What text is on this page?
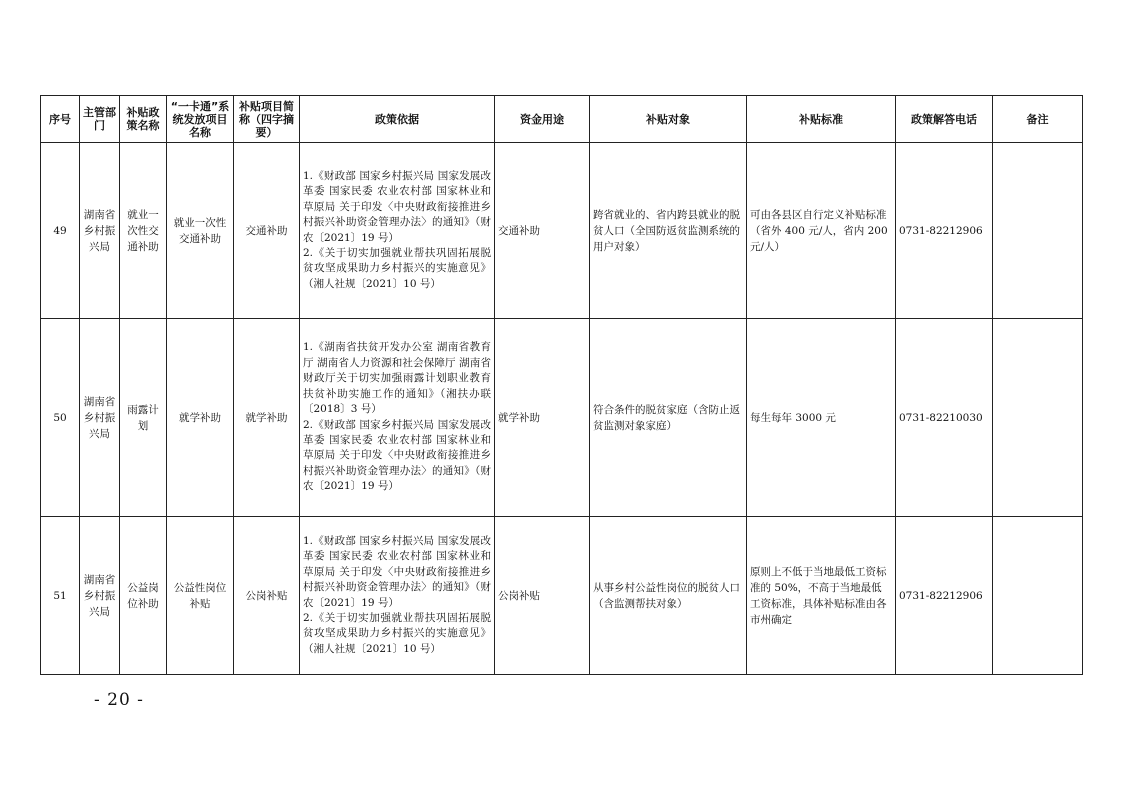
序号	主管部门	补贴政策名称	“一卡通”系统发放项目名称	补贴项目简称（四字摘要）	政策依据	资金用途	补贴对象	补贴标准	政策解答电话	备注
49	湖南省乡村振兴局	就业一次性交通补助	就业一次性交通补助	交通补助	1.《财政部 国家乡村振兴局 国家发展改革委 国家民委 农业农村部 国家林业和草原局 关于印发〈中央财政衔接推进乡村振兴补助资金管理办法〉的通知》（财农〔2021〕19 号）
2.《关于切实加强就业帮扶巩固拓展脱贫攻坚成果助力乡村振兴的实施意见》（湘人社规〔2021〕10 号）	交通补助	跨省就业的、省内跨县就业的脱贫人口（全国防返贫监测系统的用户对象）	可由各县区自行定义补贴标准（省外 400 元/人，省内 200 元/人）	0731-82212906	
50	湖南省乡村振兴局	雨露计划	就学补助	就学补助	1.《湖南省扶贫开发办公室 湖南省教育厅 湖南省人力资源和社会保障厅 湖南省财政厅关于切实加强雨露计划职业教育扶贫补助实施工作的通知》（湘扶办联〔2018〕3 号）
2.《财政部 国家乡村振兴局 国家发展改革委 国家民委 农业农村部 国家林业和草原局 关于印发〈中央财政衔接推进乡村振兴补助资金管理办法〉的通知》（财农〔2021〕19 号）	就学补助	符合条件的脱贫家庭（含防止返贫监测对象家庭）	每生每年 3000 元	0731-82210030	
51	湖南省乡村振兴局	公益岗位补助	公益性岗位补贴	公岗补贴	1.《财政部 国家乡村振兴局 国家发展改革委 国家民委 农业农村部 国家林业和草原局 关于印发〈中央财政衔接推进乡村振兴补助资金管理办法〉的通知》（财农〔2021〕19 号）
2.《关于切实加强就业帮扶巩固拓展脱贫攻坚成果助力乡村振兴的实施意见》（湘人社规〔2021〕10 号）	公岗补贴	从事乡村公益性岗位的脱贫人口（含监测帮扶对象）	原则上不低于当地最低工资标准的 50%，不高于当地最低工资标准，具体补贴标准由各市州确定	0731-82212906	
- 20 -
